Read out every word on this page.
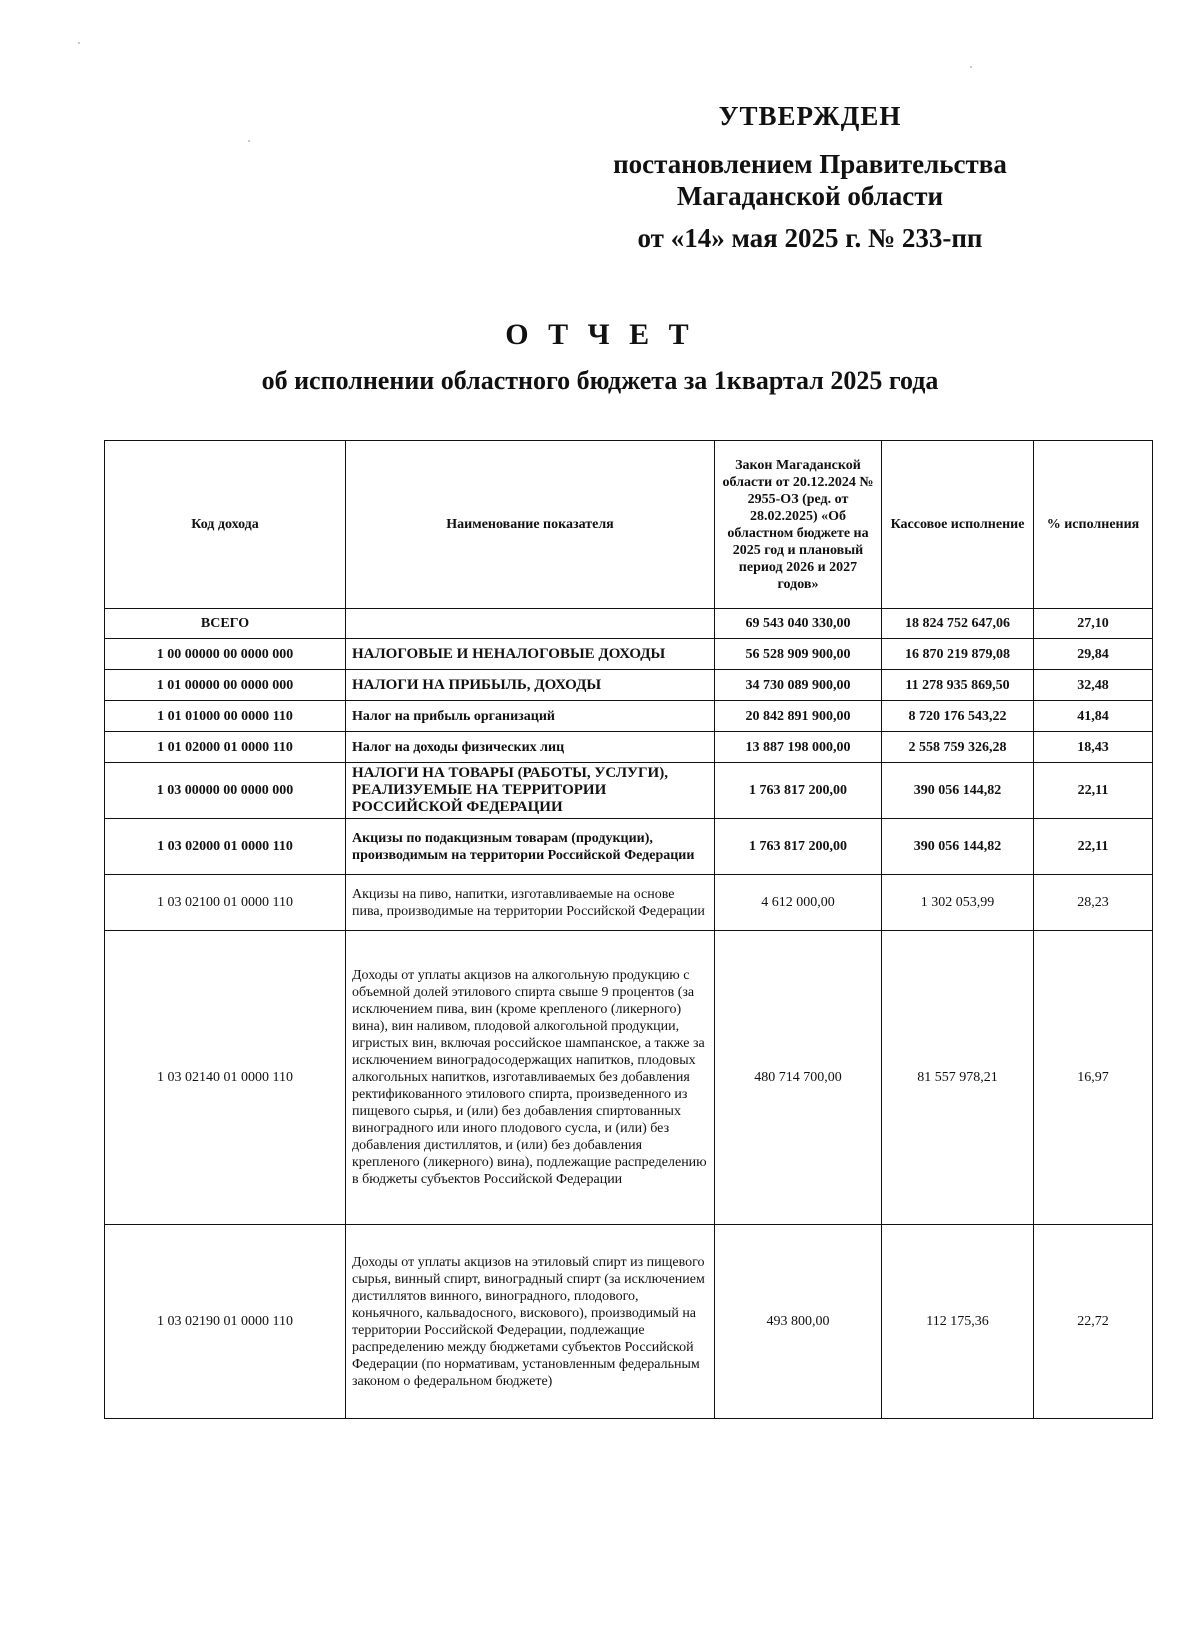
УТВЕРЖДЕН
постановлением Правительства
Магаданской области
от «14» мая 2025 г. № 233-пп
О Т Ч Е Т
об исполнении областного бюджета за 1квартал 2025 года
Код дохода	Наименование показателя	Закон Магаданской области от 20.12.2024 № 2955-ОЗ (ред. от 28.02.2025) «Об областном бюджете на 2025 год и плановый период 2026 и 2027 годов»	Кассовое исполнение	% исполнения
ВСЕГО		69 543 040 330,00	18 824 752 647,06	27,10
1 00 00000 00 0000 000	НАЛОГОВЫЕ И НЕНАЛОГОВЫЕ ДОХОДЫ	56 528 909 900,00	16 870 219 879,08	29,84
1 01 00000 00 0000 000	НАЛОГИ НА ПРИБЫЛЬ, ДОХОДЫ	34 730 089 900,00	11 278 935 869,50	32,48
1 01 01000 00 0000 110	Налог на прибыль организаций	20 842 891 900,00	8 720 176 543,22	41,84
1 01 02000 01 0000 110	Налог на доходы физических лиц	13 887 198 000,00	2 558 759 326,28	18,43
1 03 00000 00 0000 000	НАЛОГИ НА ТОВАРЫ (РАБОТЫ, УСЛУГИ), РЕАЛИЗУЕМЫЕ НА ТЕРРИТОРИИ РОССИЙСКОЙ ФЕДЕРАЦИИ	1 763 817 200,00	390 056 144,82	22,11
1 03 02000 01 0000 110	Акцизы по подакцизным товарам (продукции), производимым на территории Российской Федерации	1 763 817 200,00	390 056 144,82	22,11
1 03 02100 01 0000 110	Акцизы на пиво, напитки, изготавливаемые на основе пива, производимые на территории Российской Федерации	4 612 000,00	1 302 053,99	28,23
1 03 02140 01 0000 110	Доходы от уплаты акцизов на алкогольную продукцию с объемной долей этилового спирта свыше 9 процентов (за исключением пива, вин (кроме крепленого (ликерного) вина), вин наливом, плодовой алкогольной продукции, игристых вин, включая российское шампанское, а также за исключением виноградосодержащих напитков, плодовых алкогольных напитков, изготавливаемых без добавления ректификованного этилового спирта, произведенного из пищевого сырья, и (или) без добавления спиртованных виноградного или иного плодового сусла, и (или) без добавления дистиллятов, и (или) без добавления крепленого (ликерного) вина), подлежащие распределению в бюджеты субъектов Российской Федерации	480 714 700,00	81 557 978,21	16,97
1 03 02190 01 0000 110	Доходы от уплаты акцизов на этиловый спирт из пищевого сырья, винный спирт, виноградный спирт (за исключением дистиллятов винного, виноградного, плодового, коньячного, кальвадосного, вискового), производимый на территории Российской Федерации, подлежащие распределению между бюджетами субъектов Российской Федерации (по нормативам, установленным федеральным законом о федеральном бюджете)	493 800,00	112 175,36	22,72
